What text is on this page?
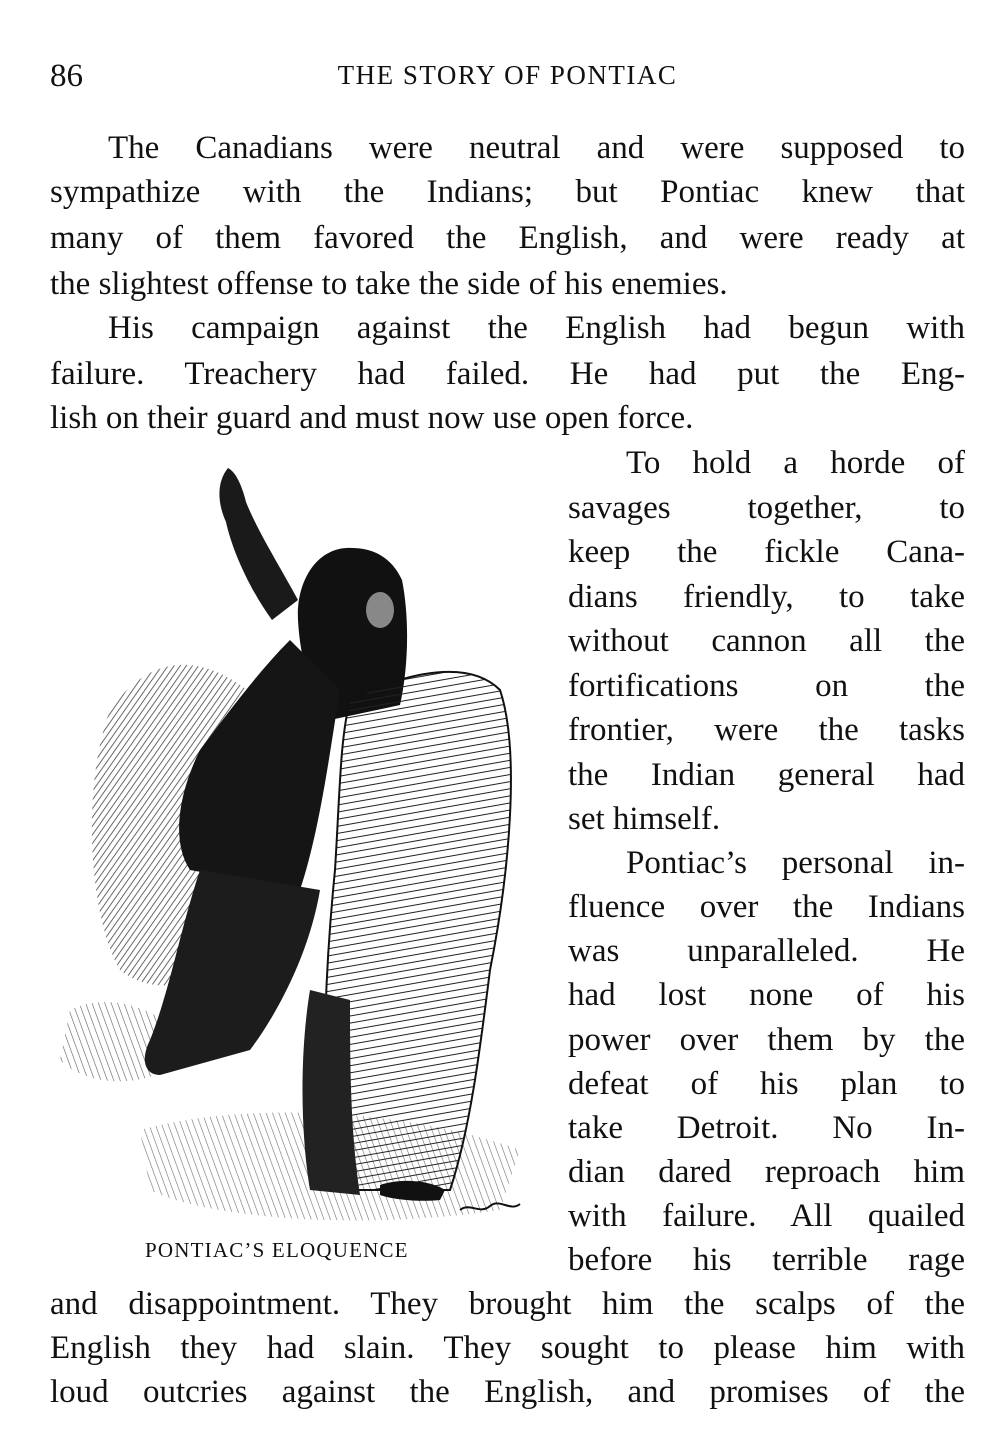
86	THE STORY OF PONTIAC
The Canadians were neutral and were supposed to
sympathize with the Indians; but Pontiac knew that
many of them favored the English, and were ready at
the slightest offense to take the side of his enemies.
His campaign against the English had begun with
failure. Treachery had failed. He had put the Eng-
lish on their guard and must now use open force.
To hold a horde of
savages together, to
keep the fickle Cana-
dians friendly, to take
without cannon all the
fortifications on the
frontier, were the tasks
the Indian general had
set himself.
Pontiac’s personal in-
fluence over the Indians
was unparalleled. He
had lost none of his
power over them by the
defeat of his plan to
take Detroit. No In-
dian dared reproach him
with failure. All quailed
before his terrible rage
PONTIAC’S ELOQUENCE
and disappointment. They brought him the scalps of the
English they had slain. They sought to please him with
loud outcries against the English, and promises of the
